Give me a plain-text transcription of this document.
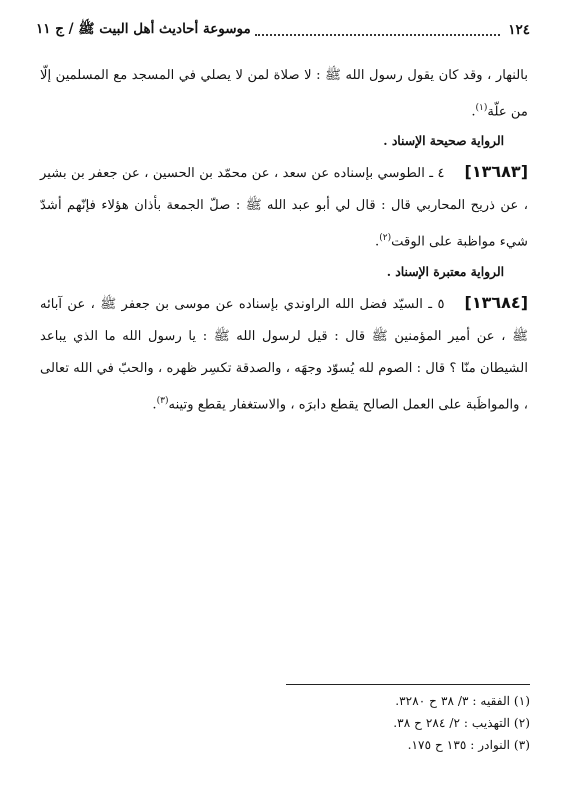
١٢٤
موسوعة أحاديث أهل البيت ﷺ / ج ١١

بالنهار ، وقد كان يقول رسول الله ﷺ : لا صلاة لمن لا يصلي في المسجد مع المسلمين إلّا من علّة$^{(١)}$.

الرواية صحيحة الإسناد .

[١٣٦٨٣]٤ ـ الطوسي بإسناده عن سعد ، عن محمّد بن الحسين ، عن جعفر بن بشير ، عن ذريح المحاربي قال : قال لي أبو عبد الله ﷺ : صلّ الجمعة بأذان هؤلاء فإنّهم أشدّ شيء مواظبة على الوقت$^{(٢)}$.

الرواية معتبرة الإسناد .

[١٣٦٨٤]٥ ـ السيّد فضل الله الراوندي بإسناده عن موسى بن جعفر ﷺ ، عن آبائه ﷺ ، عن أمير المؤمنين ﷺ قال : قيل لرسول الله ﷺ : يا رسول الله ما الذي يباعد الشيطان منّا ؟ قال : الصوم لله يُسوّد وجهَه ، والصدقة تكسِر ظهره ، والحبّ في الله تعالى ، والمواظَبة على العمل الصالح يقطع دابرَه ، والاستغفار يقطع وتينه$^{(٣)}$.

(١) الفقيه : ٣/ ٣٨ ح ٣٢٨٠.

(٢) التهذيب : ٢/ ٢٨٤ ح ٣٨.

(٣) النوادر : ١٣٥ ح ١٧٥.
